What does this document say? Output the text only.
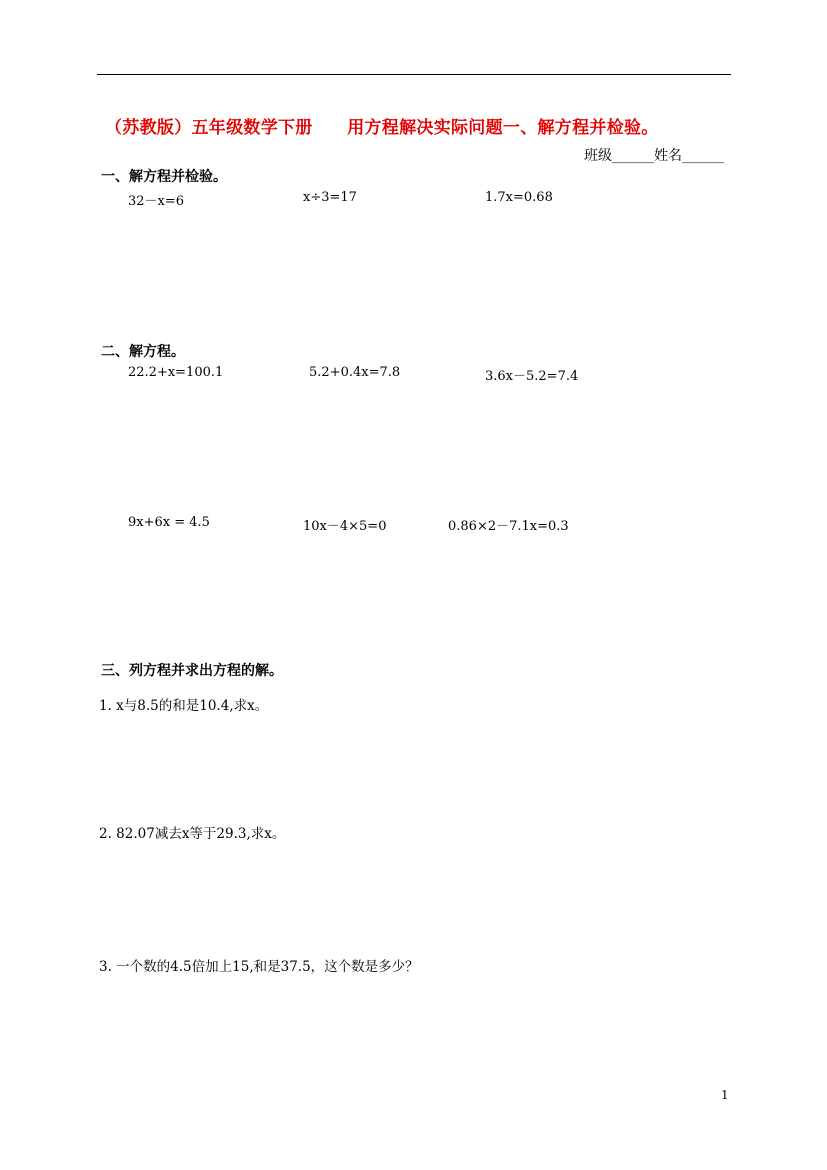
（苏教版）五年级数学下册　　用方程解决实际问题一、解方程并检验。
班级______姓名______
一、解方程并检验。
32－x=6	x÷3=17	1.7x=0.68
二、解方程。
22.2+x=100.1	5.2+0.4x=7.8	3.6x－5.2=7.4
9x+6x = 4.5	10x－4×5=0	0.86×2－7.1x=0.3
三、列方程并求出方程的解。
1. x与8.5的和是10.4,求x。
2. 82.07减去x等于29.3,求x。
3. 一个数的4.5倍加上15,和是37.5，这个数是多少？
1
